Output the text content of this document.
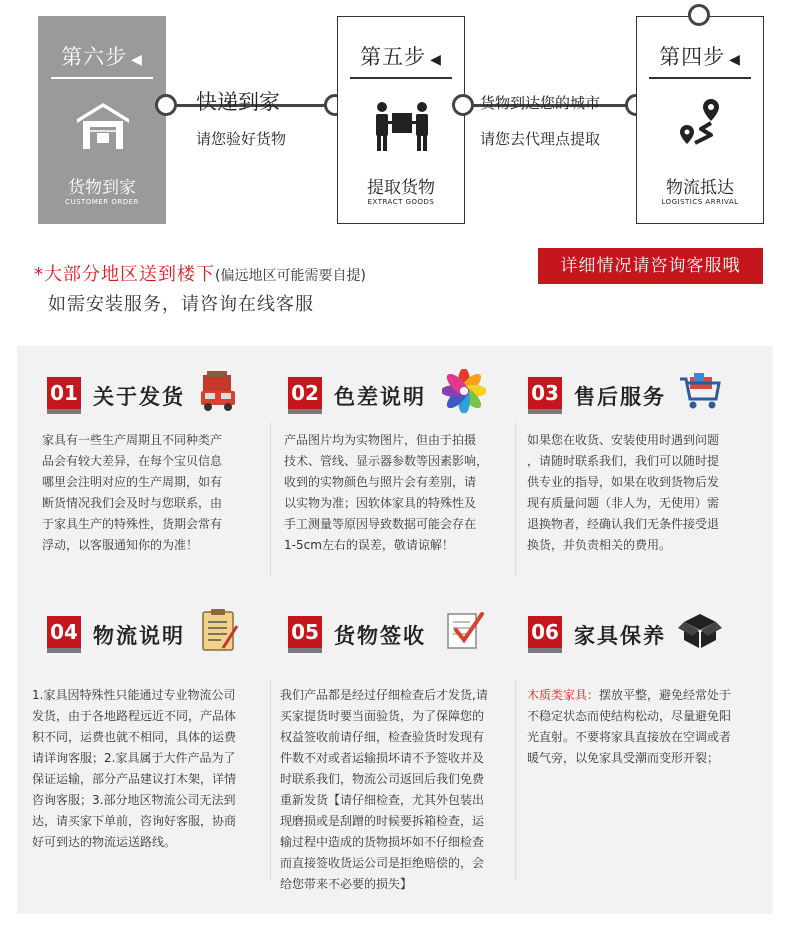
第六步 ◀
货物到家
CUSTOMER ORDER
快递到家
请您验好货物
第五步 ◀
提取货物
EXTRACT GOODS
货物到达您的城市
请您去代理点提取
第四步 ◀
物流抵达
LOGISTICS ARRIVAL
*大部分地区送到楼下(偏远地区可能需要自提)
如需安装服务，请咨询在线客服
详细情况请咨询客服哦
01 关于发货
家具有一些生产周期且不同种类产
品会有较大差异，在每个宝贝信息
哪里会注明对应的生产周期，如有
断货情况我们会及时与您联系，由
于家具生产的特殊性，货期会常有
浮动，以客服通知你的为准！
02 色差说明
产品图片均为实物图片，但由于拍摄
技术、管线、显示器参数等因素影响，
收到的实物颜色与照片会有差别，请
以实物为准；因软体家具的特殊性及
手工测量等原因导致数据可能会存在
1-5cm左右的误差，敬请谅解！
03 售后服务
如果您在收货、安装使用时遇到问题
，请随时联系我们，我们可以随时提
供专业的指导，如果在收到货物后发
现有质量问题（非人为，无使用）需
退换物者，经确认我们无条件接受退
换货，并负责相关的费用。
04 物流说明
1.家具因特殊性只能通过专业物流公司
发货，由于各地路程远近不同，产品体
积不同，运费也就不相同，具体的运费
请详询客服；2.家具属于大件产品为了
保证运输，部分产品建议打木架，详情
咨询客服；3.部分地区物流公司无法到
达，请买家下单前，咨询好客服，协商
好可到达的物流运送路线。
05 货物签收
我们产品都是经过仔细检查后才发货,请
买家提货时要当面验货，为了保障您的
权益签收前请仔细，检查验货时发现有
件数不对或者运输损坏请不予签收并及
时联系我们，物流公司返回后我们免费
重新发货【请仔细检查，尤其外包装出
现磨损或是刮蹭的时候要拆箱检查，运
输过程中造成的货物损坏如不仔细检查
而直接签收货运公司是拒绝赔偿的，会
给您带来不必要的损失】
06 家具保养
木质类家具：摆放平整，避免经常处于
不稳定状态而使结构松动，尽量避免阳
光直射。不要将家具直接放在空调或者
暖气旁，以免家具受潮而变形开裂；
